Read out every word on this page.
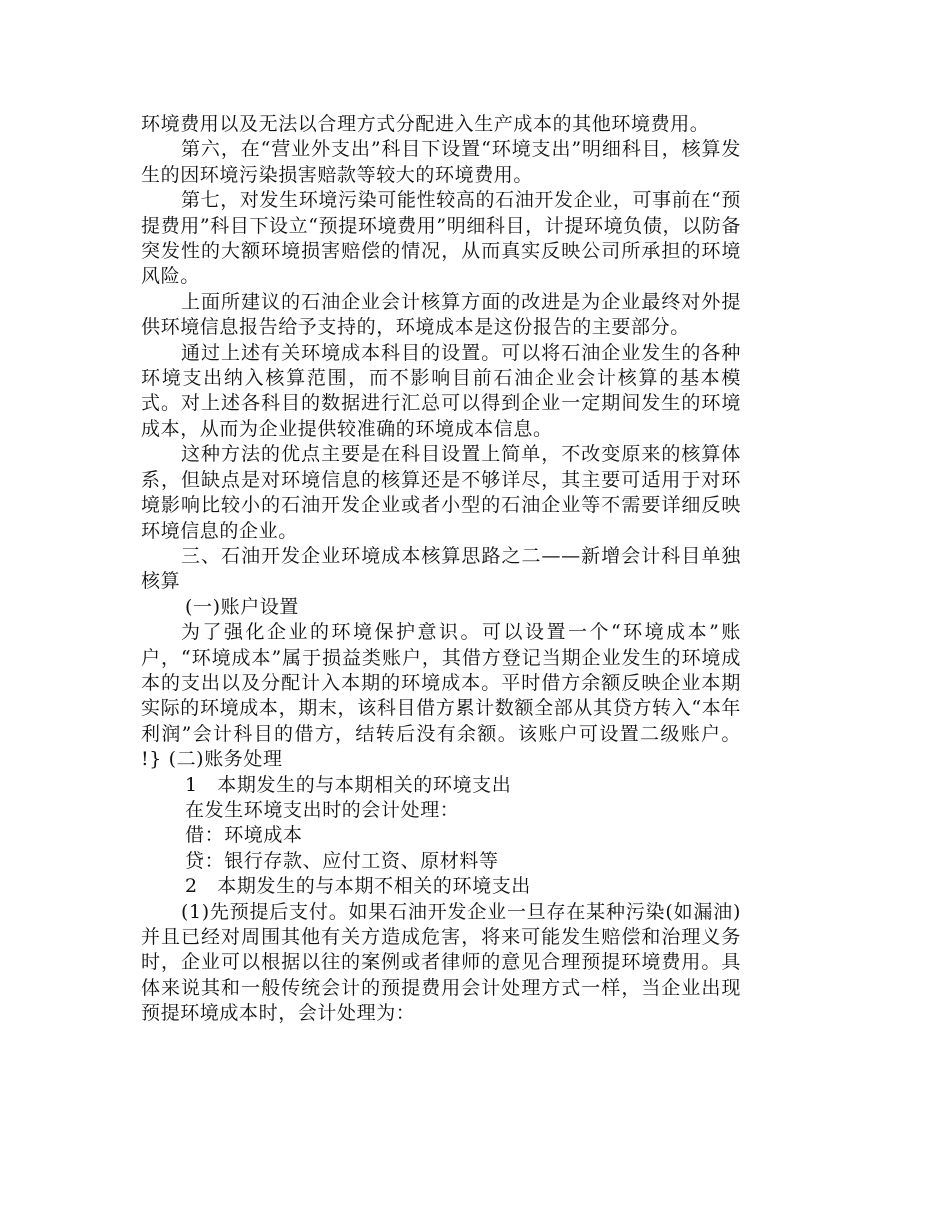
环境费用以及无法以合理方式分配进入生产成本的其他环境费用。

第六，在“营业外支出”科目下设置“环境支出”明细科目，核算发生的因环境污染损害赔款等较大的环境费用。

第七，对发生环境污染可能性较高的石油开发企业，可事前在“预提费用”科目下设立“预提环境费用”明细科目，计提环境负债，以防备突发性的大额环境损害赔偿的情况，从而真实反映公司所承担的环境风险。

上面所建议的石油企业会计核算方面的改进是为企业最终对外提供环境信息报告给予支持的，环境成本是这份报告的主要部分。

通过上述有关环境成本科目的设置。可以将石油企业发生的各种环境支出纳入核算范围，而不影响目前石油企业会计核算的基本模式。对上述各科目的数据进行汇总可以得到企业一定期间发生的环境成本，从而为企业提供较准确的环境成本信息。

这种方法的优点主要是在科目设置上简单，不改变原来的核算体系，但缺点是对环境信息的核算还是不够详尽，其主要可适用于对环境影响比较小的石油开发企业或者小型的石油企业等不需要详细反映环境信息的企业。

三、石油开发企业环境成本核算思路之二——新增会计科目单独核算

(一)账户设置

为了强化企业的环境保护意识。可以设置一个“环境成本”账户，“环境成本”属于损益类账户，其借方登记当期企业发生的环境成本的支出以及分配计入本期的环境成本。平时借方余额反映企业本期实际的环境成本，期末，该科目借方累计数额全部从其贷方转入“本年利润”会计科目的借方，结转后没有余额。该账户可设置二级账户。 !} (二)账务处理

1　本期发生的与本期相关的环境支出

在发生环境支出时的会计处理：

借：环境成本

贷：银行存款、应付工资、原材料等

2　本期发生的与本期不相关的环境支出

(1)先预提后支付。如果石油开发企业一旦存在某种污染(如漏油)并且已经对周围其他有关方造成危害，将来可能发生赔偿和治理义务时，企业可以根据以往的案例或者律师的意见合理预提环境费用。具体来说其和一般传统会计的预提费用会计处理方式一样，当企业出现预提环境成本时，会计处理为：
